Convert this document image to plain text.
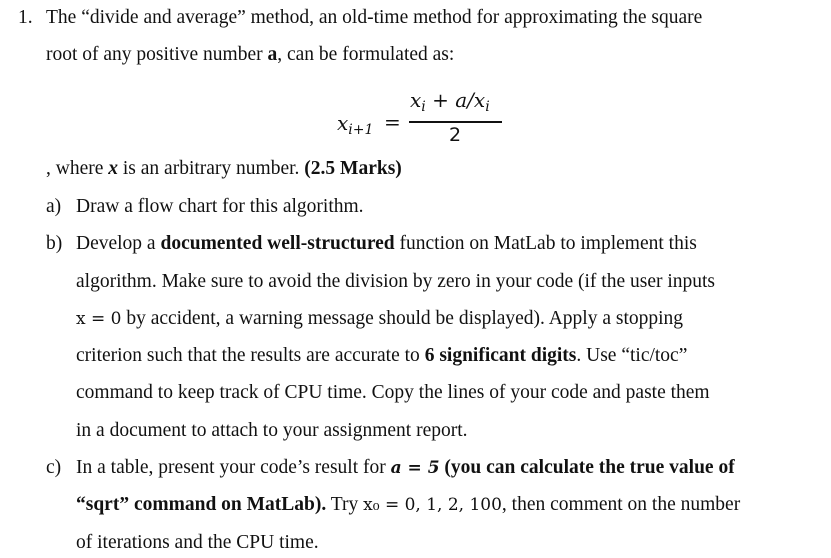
1. The “divide and average” method, an old-time method for approximating the square
root of any positive number a, can be formulated as:
$x_{i+1}$ =
$x_i + a/x_i$
2
, where x is an arbitrary number. (2.5 Marks)
a) Draw a flow chart for this algorithm.
b) Develop a documented well-structured function on MatLab to implement this
algorithm. Make sure to avoid the division by zero in your code (if the user inputs
x = 0 by accident, a warning message should be displayed). Apply a stopping
criterion such that the results are accurate to 6 significant digits. Use “tic/toc”
command to keep track of CPU time. Copy the lines of your code and paste them
in a document to attach to your assignment report.
c) In a table, present your code’s result for a = 5 (you can calculate the true value of
“sqrt” command on MatLab). Try x₀ = 0, 1, 2, 100, then comment on the number
of iterations and the CPU time.
